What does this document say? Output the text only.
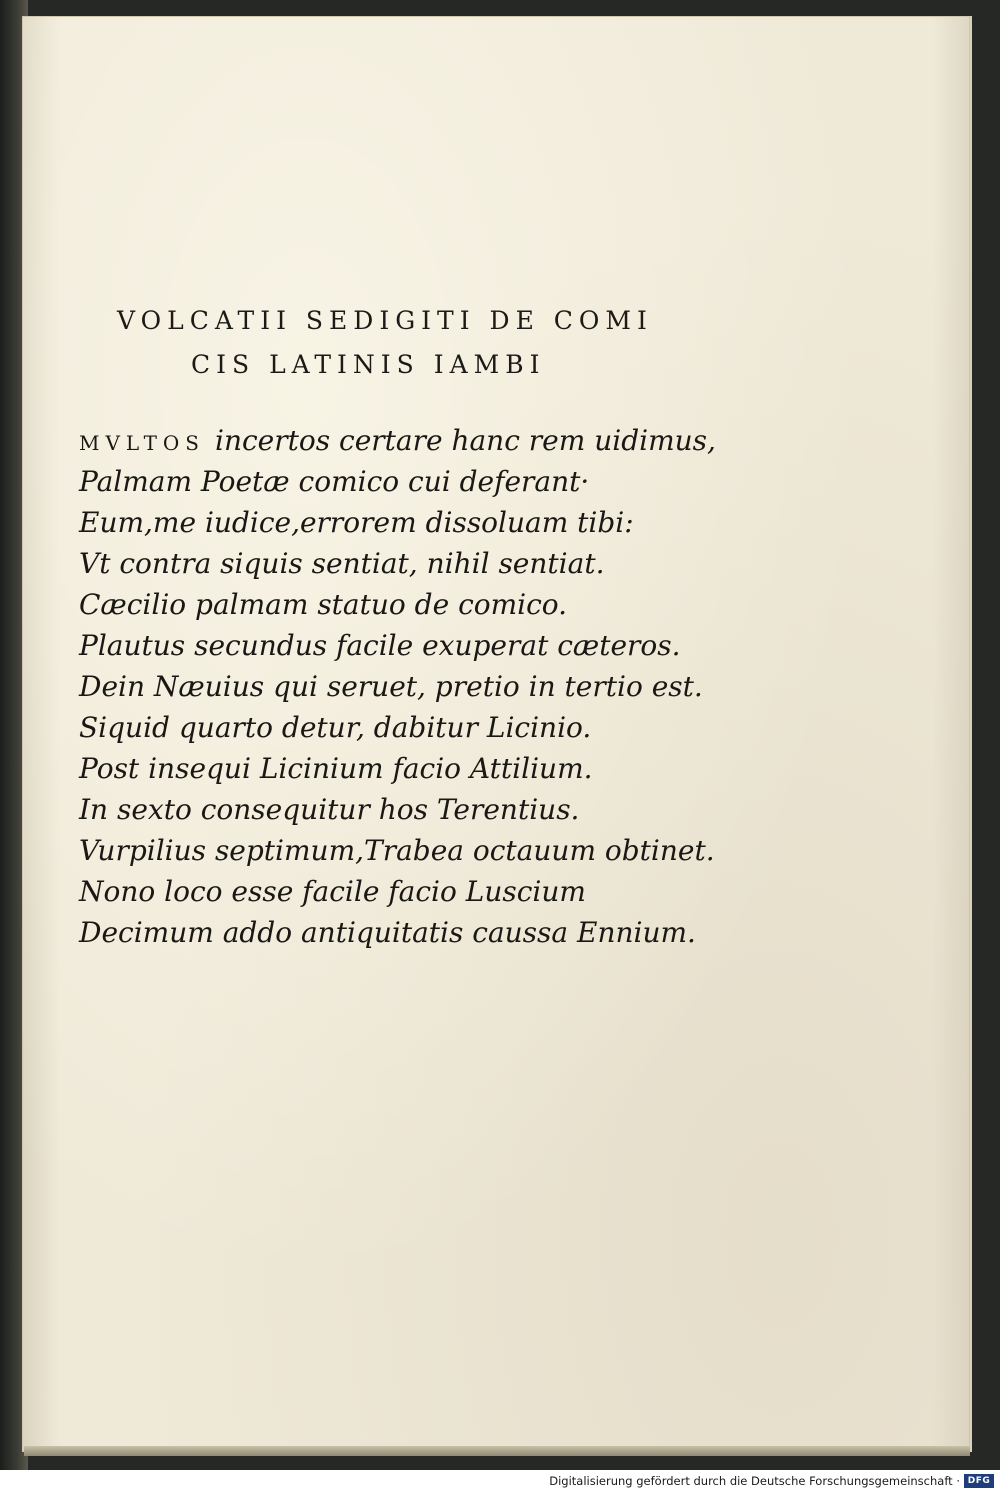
VOLCATII SEDIGITI DE COMI
CIS LATINIS IAMBI
MVLTOS incertos certare hanc rem uidimus,
Palmam Poetæ comico cui deferant·
Eum,me iudice,errorem dissoluam tibi:
Vt contra siquis sentiat, nihil sentiat.
Cæcilio palmam statuo de comico.
Plautus secundus facile exuperat cæteros.
Dein Næuius qui seruet, pretio in tertio est.
Siquid quarto detur, dabitur Licinio.
Post insequi Licinium facio Attilium.
In sexto consequitur hos Terentius.
Vurpilius septimum,Trabea octauum obtinet.
Nono loco esse facile facio Luscium
Decimum addo antiquitatis caussa Ennium.
Digitalisierung gefördert durch die Deutsche Forschungsgemeinschaft · DFG
